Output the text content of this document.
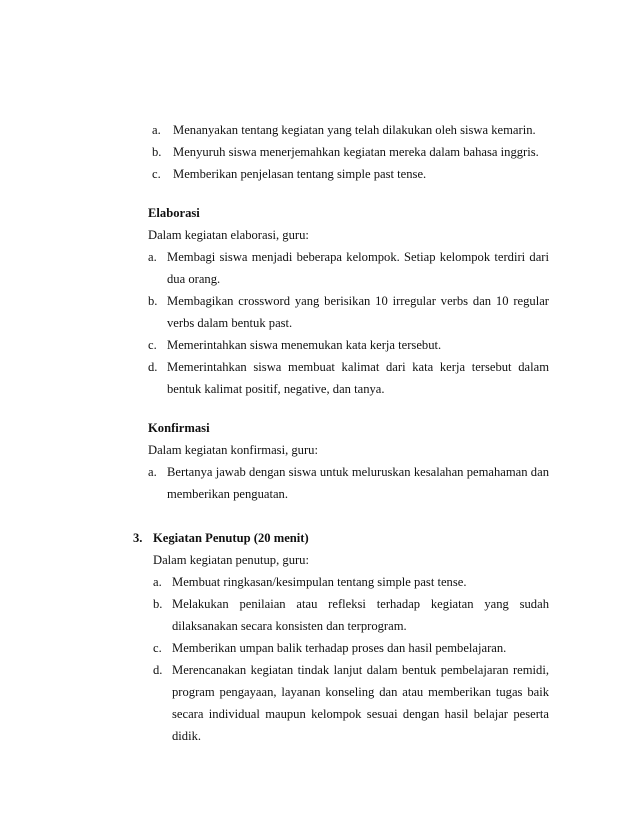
a. Menanyakan tentang kegiatan yang telah dilakukan oleh siswa kemarin.
b. Menyuruh siswa menerjemahkan kegiatan mereka dalam bahasa inggris.
c. Memberikan penjelasan tentang simple past tense.
Elaborasi
Dalam kegiatan elaborasi, guru:
a. Membagi siswa menjadi beberapa kelompok. Setiap kelompok terdiri dari
dua orang.
b. Membagikan crossword yang berisikan 10 irregular verbs dan 10 regular
verbs dalam bentuk past.
c. Memerintahkan siswa menemukan kata kerja tersebut.
d. Memerintahkan siswa membuat kalimat dari kata kerja tersebut dalam
bentuk kalimat positif, negative, dan tanya.
Konfirmasi
Dalam kegiatan konfirmasi, guru:
a. Bertanya jawab dengan siswa untuk meluruskan kesalahan pemahaman dan
memberikan penguatan.
3. Kegiatan Penutup (20 menit)
Dalam kegiatan penutup, guru:
a. Membuat ringkasan/kesimpulan tentang simple past tense.
b. Melakukan penilaian atau refleksi terhadap kegiatan yang sudah
dilaksanakan secara konsisten dan terprogram.
c. Memberikan umpan balik terhadap proses dan hasil pembelajaran.
d. Merencanakan kegiatan tindak lanjut dalam bentuk pembelajaran remidi,
program pengayaan, layanan konseling dan atau memberikan tugas baik
secara individual maupun kelompok sesuai dengan hasil belajar peserta
didik.
